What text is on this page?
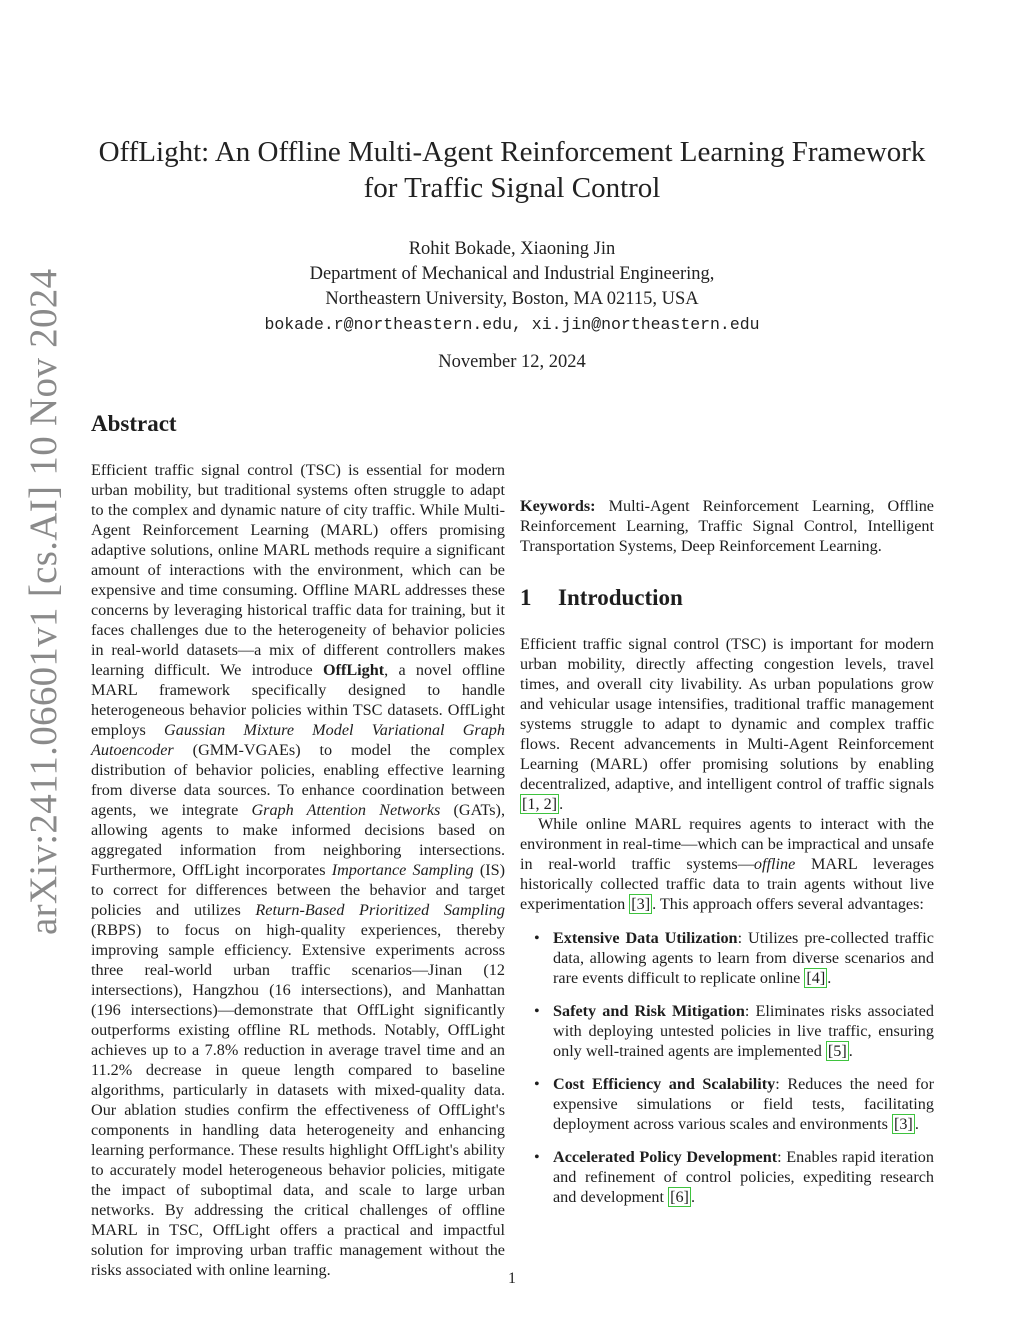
arXiv:2411.06601v1 [cs.AI] 10 Nov 2024
OffLight: An Offline Multi-Agent Reinforcement Learning Framework
for Traffic Signal Control
Rohit Bokade, Xiaoning Jin
Department of Mechanical and Industrial Engineering,
Northeastern University, Boston, MA 02115, USA
bokade.r@northeastern.edu, xi.jin@northeastern.edu
November 12, 2024
Abstract

Efficient traffic signal control (TSC) is essential for modern urban mobility, but traditional systems often struggle to adapt to the complex and dynamic nature of city traffic. While Multi-Agent Reinforcement Learning (MARL) offers promising adaptive solutions, online MARL methods require a significant amount of interactions with the environment, which can be expensive and time consuming. Offline MARL addresses these concerns by leveraging historical traffic data for training, but it faces challenges due to the heterogeneity of behavior policies in real-world datasets—a mix of different controllers makes learning difficult. We introduce OffLight, a novel offline MARL framework specifically designed to handle heterogeneous behavior policies within TSC datasets. OffLight employs Gaussian Mixture Model Variational Graph Autoencoder (GMM-VGAEs) to model the complex distribution of behavior policies, enabling effective learning from diverse data sources. To enhance coordination between agents, we integrate Graph Attention Networks (GATs), allowing agents to make informed decisions based on aggregated information from neighboring intersections. Furthermore, OffLight incorporates Importance Sampling (IS) to correct for differences between the behavior and target policies and utilizes Return-Based Prioritized Sampling (RBPS) to focus on high-quality experiences, thereby improving sample efficiency. Extensive experiments across three real-world urban traffic scenarios—Jinan (12 intersections), Hangzhou (16 intersections), and Manhattan (196 intersections)—demonstrate that OffLight significantly outperforms existing offline RL methods. Notably, OffLight achieves up to a 7.8% reduction in average travel time and an 11.2% decrease in queue length compared to baseline algorithms, particularly in datasets with mixed-quality data. Our ablation studies confirm the effectiveness of OffLight's components in handling data heterogeneity and enhancing learning performance. These results highlight OffLight's ability to accurately model heterogeneous behavior policies, mitigate the impact of suboptimal data, and scale to large urban networks. By addressing the critical challenges of offline MARL in TSC, OffLight offers a practical and impactful solution for improving urban traffic management without the risks associated with online learning.

Keywords: Multi-Agent Reinforcement Learning, Offline Reinforcement Learning, Traffic Signal Control, Intelligent Transportation Systems, Deep Reinforcement Learning.

1 Introduction

Efficient traffic signal control (TSC) is important for modern urban mobility, directly affecting congestion levels, travel times, and overall city livability. As urban populations grow and vehicular usage intensifies, traditional traffic management systems struggle to adapt to dynamic and complex traffic flows. Recent advancements in Multi-Agent Reinforcement Learning (MARL) offer promising solutions by enabling decentralized, adaptive, and intelligent control of traffic signals [1, 2] .

While online MARL requires agents to interact with the environment in real-time—which can be impractical and unsafe in real-world traffic systems—offline MARL leverages historically collected traffic data to train agents without live experimentation [3] . This approach offers several advantages:

• Extensive Data Utilization: Utilizes pre-collected traffic data, allowing agents to learn from diverse scenarios and rare events difficult to replicate online [4] .
• Safety and Risk Mitigation: Eliminates risks associated with deploying untested policies in live traffic, ensuring only well-trained agents are implemented [5] .
• Cost Efficiency and Scalability: Reduces the need for expensive simulations or field tests, facilitating deployment across various scales and environments [3] .
• Accelerated Policy Development: Enables rapid iteration and refinement of control policies, expediting research and development [6] .
1
